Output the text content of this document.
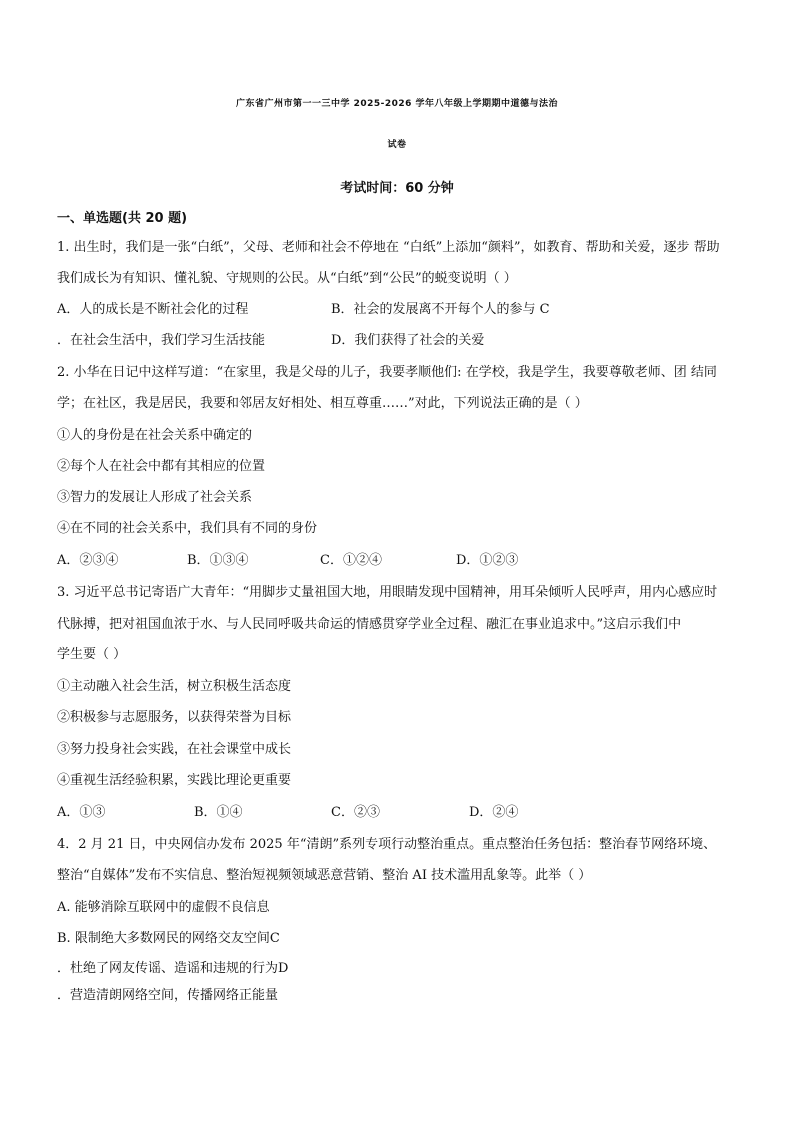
广东省广州市第一一三中学 2025-2026 学年八年级上学期期中道德与法治
试卷
考试时间：60 分钟
一、单选题(共 20 题)
1. 出生时，我们是一张“白纸”，父母、老师和社会不停地在 “白纸”上添加“颜料”，如教育、帮助和关爱，逐步 帮助
我们成长为有知识、懂礼貌、守规则的公民。从“白纸”到“公民”的蜕变说明（ ）
A．人的成长是不断社会化的过程	B．社会的发展离不开每个人的参与 C
．在社会生活中，我们学习生活技能	D．我们获得了社会的关爱
2. 小华在日记中这样写道：“在家里，我是父母的儿子，我要孝顺他们: 在学校，我是学生，我要尊敬老师、团 结同
学；在社区，我是居民，我要和邻居友好相处、相互尊重……”对此，下列说法正确的是（ ）
①人的身份是在社会关系中确定的
②每个人在社会中都有其相应的位置
③智力的发展让人形成了社会关系
④在不同的社会关系中，我们具有不同的身份
A．②③④	B．①③④	C．①②④	D．①②③
3. 习近平总书记寄语广大青年：“用脚步丈量祖国大地，用眼睛发现中国精神，用耳朵倾听人民呼声，用内心感应时
代脉搏，把对祖国血浓于水、与人民同呼吸共命运的情感贯穿学业全过程、融汇在事业追求中。”这启示我们中
学生要（ ）
①主动融入社会生活，树立积极生活态度
②积极参与志愿服务，以获得荣誉为目标
③努力投身社会实践，在社会课堂中成长
④重视生活经验积累，实践比理论更重要
A．①③	B．①④	C．②③	D．②④
4．2 月 21 日，中央网信办发布 2025 年“清朗”系列专项行动整治重点。重点整治任务包括：整治春节网络环境、
整治“自媒体”发布不实信息、整治短视频领域恶意营销、整治 AI 技术滥用乱象等。此举（ ）
A. 能够消除互联网中的虚假不良信息
B. 限制绝大多数网民的网络交友空间C
．杜绝了网友传谣、造谣和违规的行为D
．营造清朗网络空间，传播网络正能量
